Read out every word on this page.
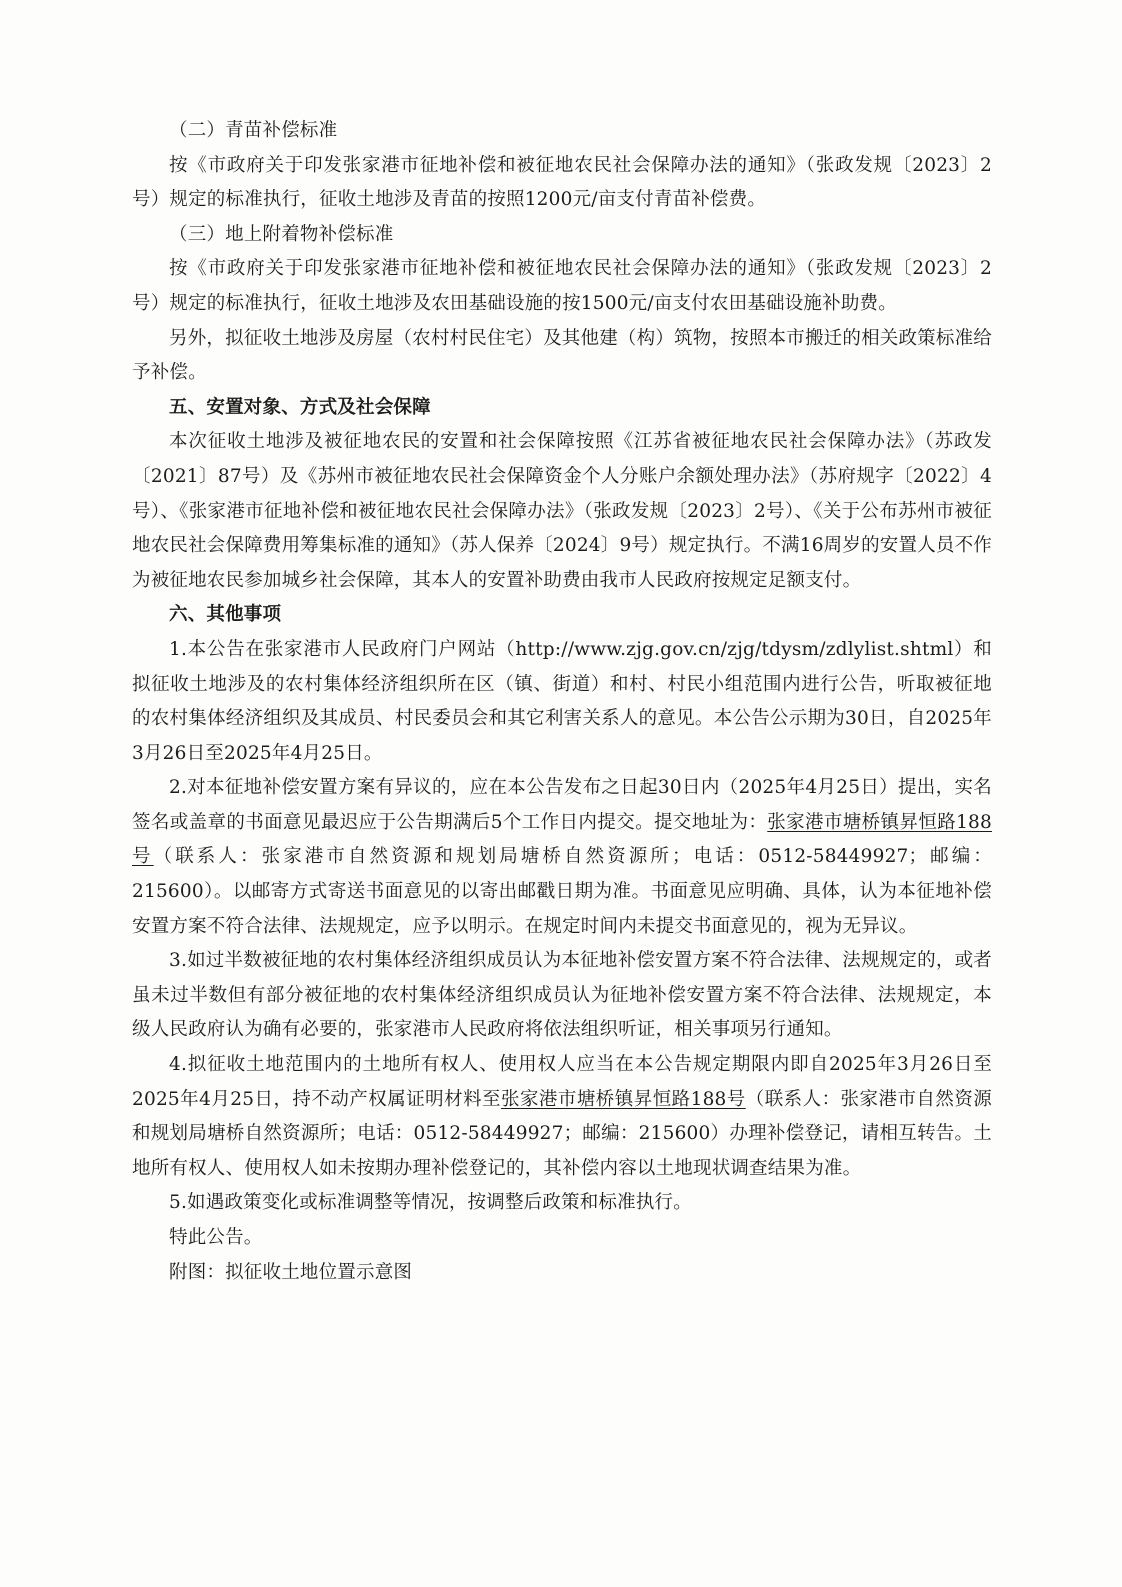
（二）青苗补偿标准

按《市政府关于印发张家港市征地补偿和被征地农民社会保障办法的通知》（张政发规〔2023〕2号）规定的标准执行，征收土地涉及青苗的按照1200元/亩支付青苗补偿费。

（三）地上附着物补偿标准

按《市政府关于印发张家港市征地补偿和被征地农民社会保障办法的通知》（张政发规〔2023〕2号）规定的标准执行，征收土地涉及农田基础设施的按1500元/亩支付农田基础设施补助费。

另外，拟征收土地涉及房屋（农村村民住宅）及其他建（构）筑物，按照本市搬迁的相关政策标准给予补偿。

五、安置对象、方式及社会保障

本次征收土地涉及被征地农民的安置和社会保障按照《江苏省被征地农民社会保障办法》（苏政发〔2021〕87号）及《苏州市被征地农民社会保障资金个人分账户余额处理办法》（苏府规字〔2022〕4号）、《张家港市征地补偿和被征地农民社会保障办法》（张政发规〔2023〕2号）、《关于公布苏州市被征地农民社会保障费用筹集标准的通知》（苏人保养〔2024〕9号）规定执行。不满16周岁的安置人员不作为被征地农民参加城乡社会保障，其本人的安置补助费由我市人民政府按规定足额支付。

六、其他事项

1.本公告在张家港市人民政府门户网站（http://www.zjg.gov.cn/zjg/tdysm/zdlylist.shtml）和拟征收土地涉及的农村集体经济组织所在区（镇、街道）和村、村民小组范围内进行公告，听取被征地的农村集体经济组织及其成员、村民委员会和其它利害关系人的意见。本公告公示期为30日，自2025年3月26日至2025年4月25日。

2.对本征地补偿安置方案有异议的，应在本公告发布之日起30日内（2025年4月25日）提出，实名签名或盖章的书面意见最迟应于公告期满后5个工作日内提交。提交地址为：张家港市塘桥镇昇恒路188号（联系人：张家港市自然资源和规划局塘桥自然资源所；电话：0512-58449927；邮编：215600）。以邮寄方式寄送书面意见的以寄出邮戳日期为准。书面意见应明确、具体，认为本征地补偿安置方案不符合法律、法规规定，应予以明示。在规定时间内未提交书面意见的，视为无异议。

3.如过半数被征地的农村集体经济组织成员认为本征地补偿安置方案不符合法律、法规规定的，或者虽未过半数但有部分被征地的农村集体经济组织成员认为征地补偿安置方案不符合法律、法规规定，本级人民政府认为确有必要的，张家港市人民政府将依法组织听证，相关事项另行通知。

4.拟征收土地范围内的土地所有权人、使用权人应当在本公告规定期限内即自2025年3月26日至2025年4月25日，持不动产权属证明材料至张家港市塘桥镇昇恒路188号（联系人：张家港市自然资源和规划局塘桥自然资源所；电话：0512-58449927；邮编：215600）办理补偿登记，请相互转告。土地所有权人、使用权人如未按期办理补偿登记的，其补偿内容以土地现状调查结果为准。

5.如遇政策变化或标准调整等情况，按调整后政策和标准执行。

特此公告。

附图：拟征收土地位置示意图
